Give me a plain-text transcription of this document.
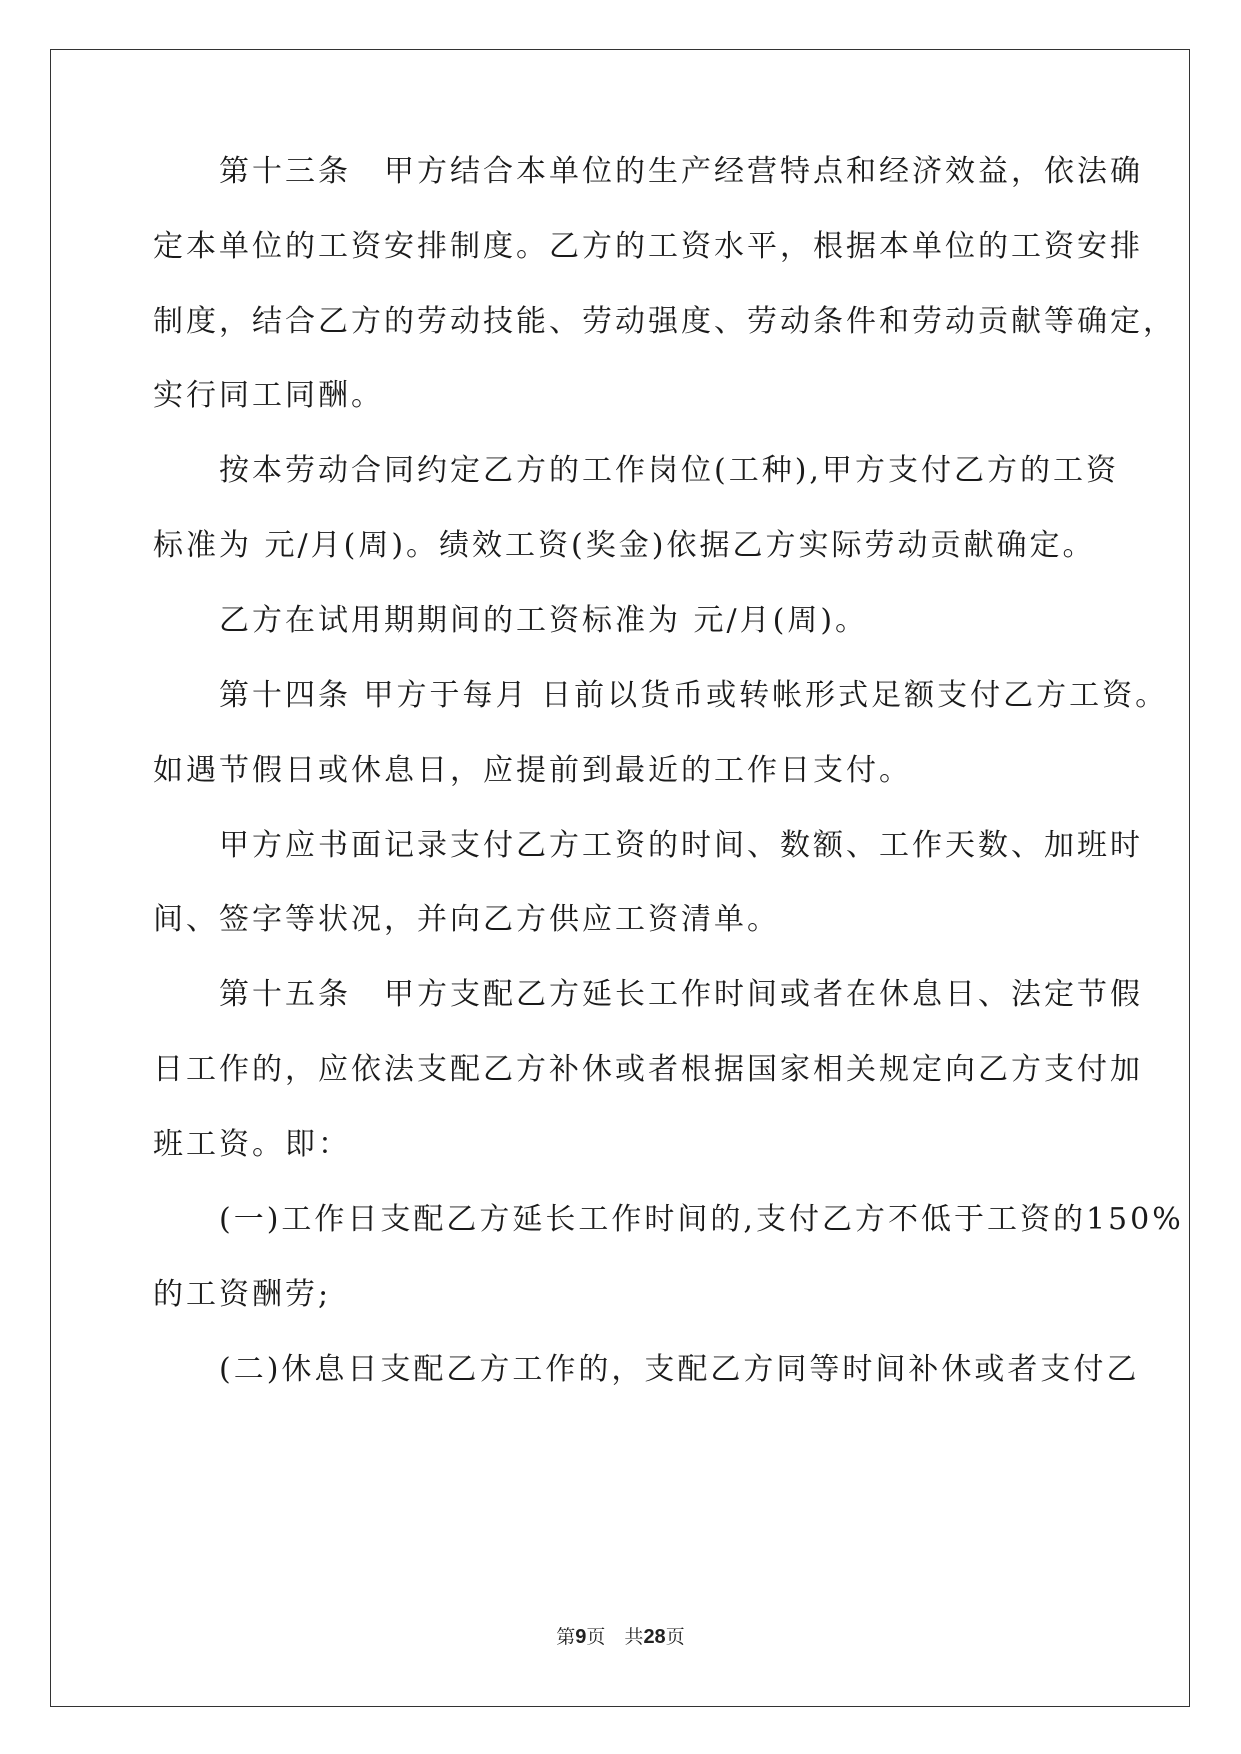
　　第十三条　甲方结合本单位的生产经营特点和经济效益，依法确
定本单位的工资安排制度。乙方的工资水平，根据本单位的工资安排
制度，结合乙方的劳动技能、劳动强度、劳动条件和劳动贡献等确定，
实行同工同酬。
　　按本劳动合同约定乙方的工作岗位(工种),甲方支付乙方的工资
标准为 元/月(周)。绩效工资(奖金)依据乙方实际劳动贡献确定。
　　乙方在试用期期间的工资标准为 元/月(周)。
　　第十四条 甲方于每月 日前以货币或转帐形式足额支付乙方工资。
如遇节假日或休息日，应提前到最近的工作日支付。
　　甲方应书面记录支付乙方工资的时间、数额、工作天数、加班时
间、签字等状况，并向乙方供应工资清单。
　　第十五条　甲方支配乙方延长工作时间或者在休息日、法定节假
日工作的，应依法支配乙方补休或者根据国家相关规定向乙方支付加
班工资。即：
　　(一)工作日支配乙方延长工作时间的,支付乙方不低于工资的150%
的工资酬劳;
　　(二)休息日支配乙方工作的，支配乙方同等时间补休或者支付乙
第9页　共28页
